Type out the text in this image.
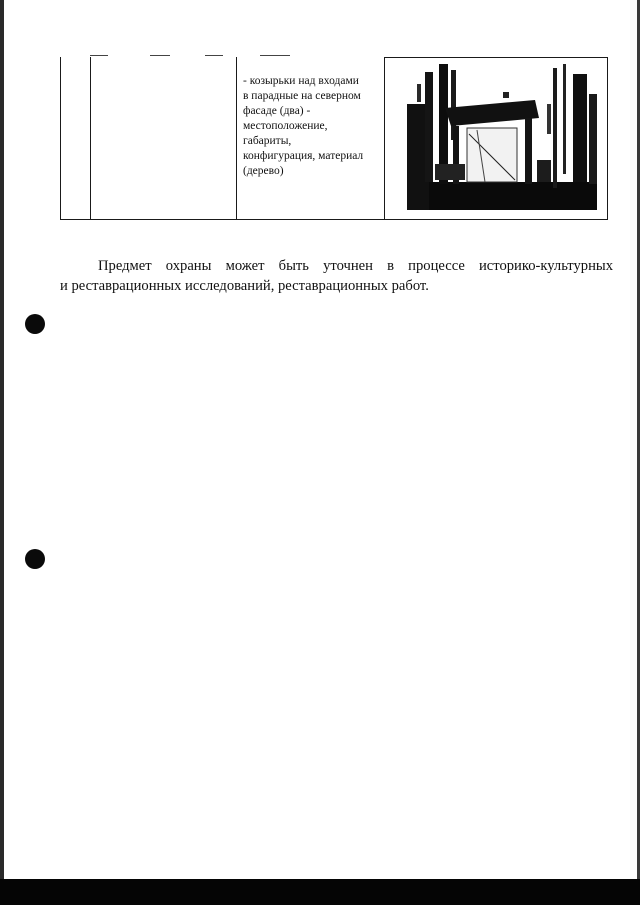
- козырьки над входами
в парадные на северном
фасаде (два) -
местоположение,
габариты,
конфигурация, материал
(дерево)
Предмет охраны может быть уточнен в процессе историко-культурных
и реставрационных исследований, реставрационных работ.
